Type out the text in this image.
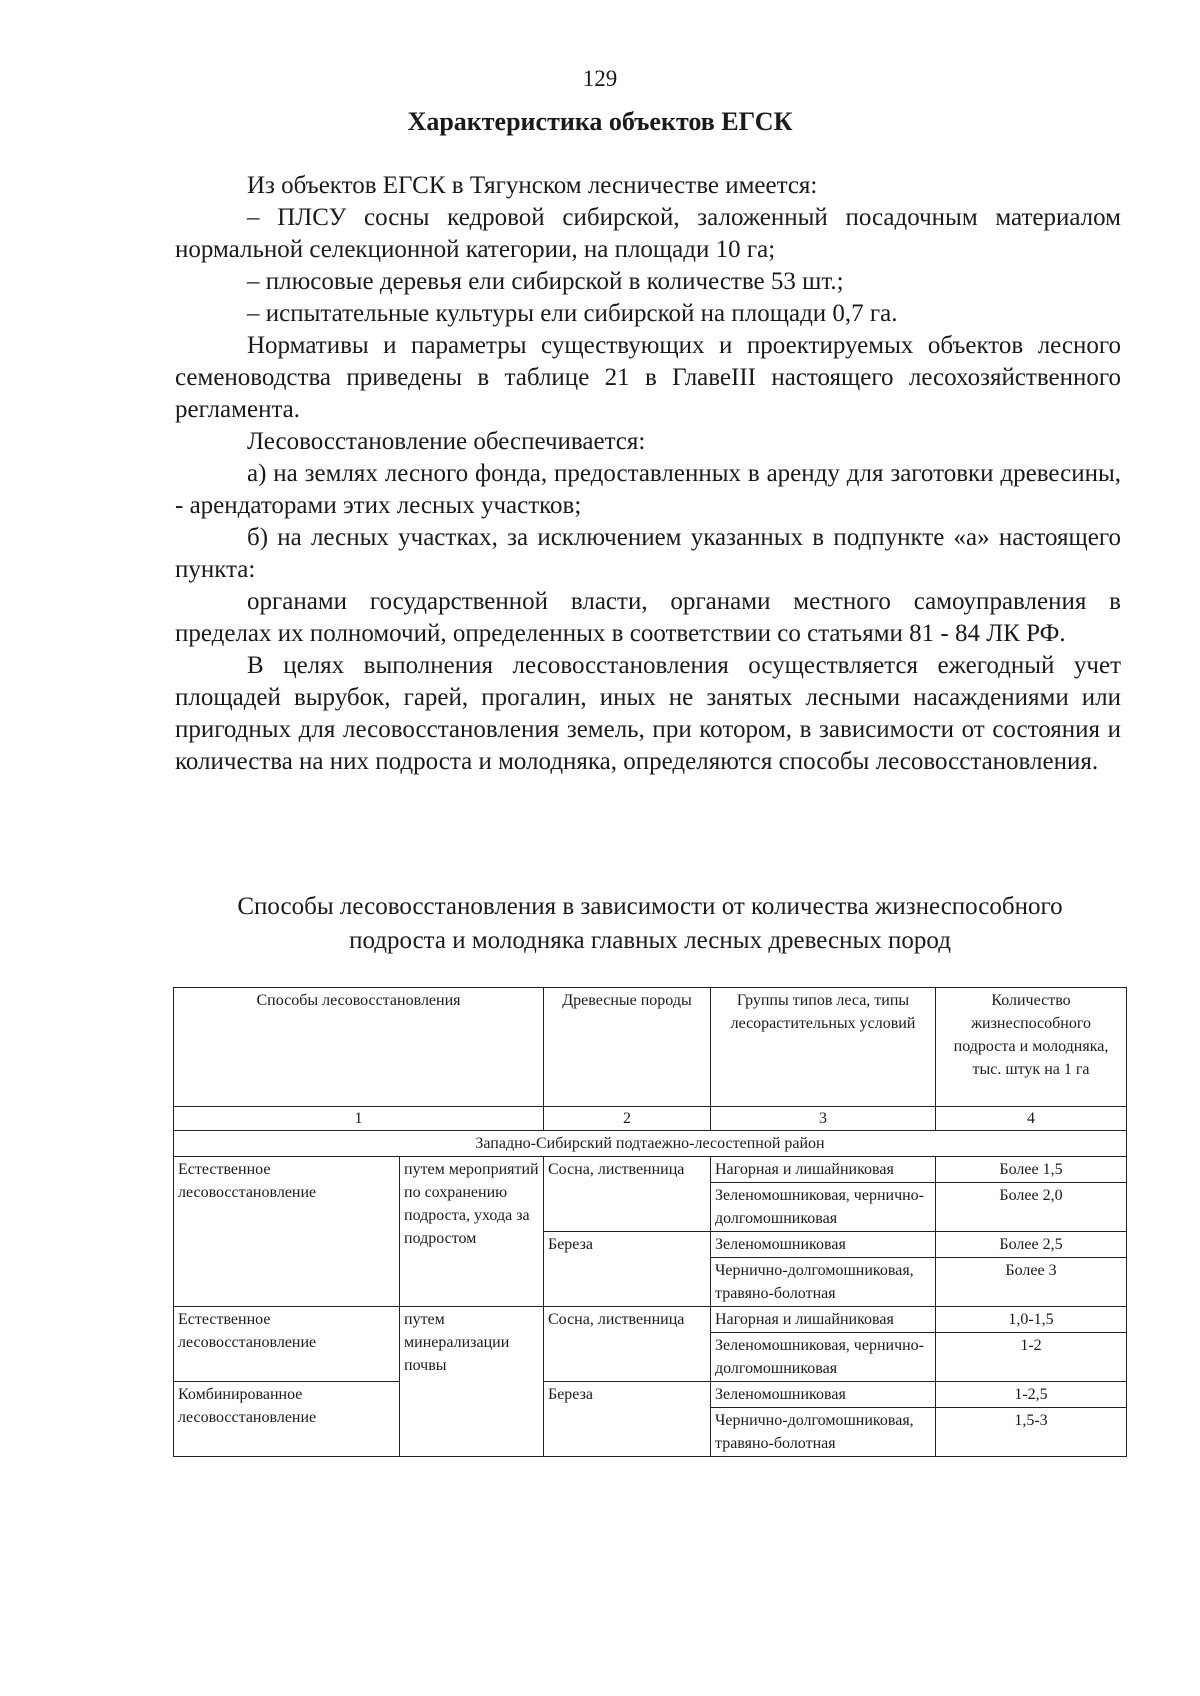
129
Характеристика объектов ЕГСК

Из объектов ЕГСК в Тягунском лесничестве имеется:

– ПЛСУ сосны кедровой сибирской, заложенный посадочным материалом нормальной селекционной категории, на площади 10 га;

– плюсовые деревья ели сибирской в количестве 53 шт.;

– испытательные культуры ели сибирской на площади 0,7 га.

Нормативы и параметры существующих и проектируемых объектов лесного семеноводства приведены в таблице 21 в ГлавеIII настоящего лесохозяйственного регламента.

Лесовосстановление обеспечивается:

а) на землях лесного фонда, предоставленных в аренду для заготовки древесины, - арендаторами этих лесных участков;

б) на лесных участках, за исключением указанных в подпункте «а» настоящего пункта:

органами государственной власти, органами местного самоуправления в пределах их полномочий, определенных в соответствии со статьями 81 - 84 ЛК РФ.

В целях выполнения лесовосстановления осуществляется ежегодный учет площадей вырубок, гарей, прогалин, иных не занятых лесными насаждениями или пригодных для лесовосстановления земель, при котором, в зависимости от состояния и количества на них подроста и молодняка, определяются способы лесовосстановления.

Способы лесовосстановления в зависимости от количества жизнеспособного
подроста и молодняка главных лесных древесных пород
Способы лесовосстановления		Древесные породы	Группы типов леса, типы лесорастительных условий	Количество жизнеспособного подроста и молодняка, тыс. штук на 1 га
1		2	3	4
Западно-Сибирский подтаежно-лесостепной район				
Естественное лесовосстановление	путем мероприятий по сохранению подроста, ухода за подростом	Сосна, лиственница	Нагорная и лишайниковая	Более 1,5
			Зеленомошниковая, чернично-долгомошниковая	Более 2,0
		Береза	Зеленомошниковая	Более 2,5
			Чернично-долгомошниковая, травяно-болотная	Более 3
Естественное лесовосстановление	путем минерализации почвы	Сосна, лиственница	Нагорная и лишайниковая	1,0-1,5
			Зеленомошниковая, чернично-долгомошниковая	1-2
Комбинированное лесовосстановление		Береза	Зеленомошниковая	1-2,5
			Чернично-долгомошниковая, травяно-болотная	1,5-3
